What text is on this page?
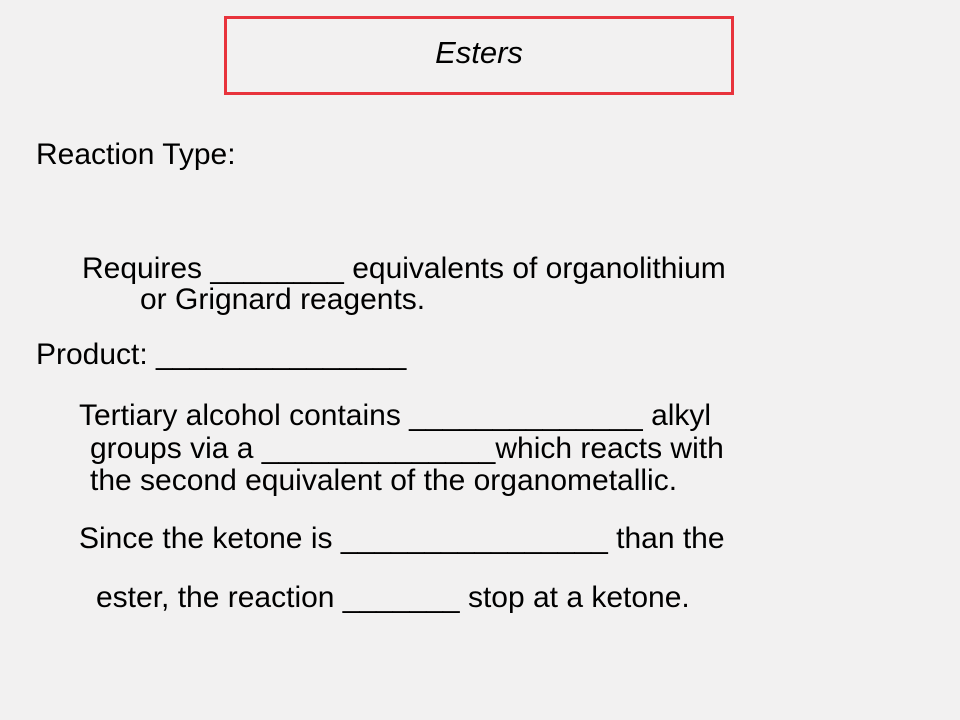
Esters
Reaction Type:
Requires ________ equivalents of organolithium
or Grignard reagents.
Product: _______________
Tertiary alcohol contains ______________ alkyl
groups via a ______________which reacts with
the second equivalent of the organometallic.
Since the ketone is ________________ than the
ester, the reaction _______ stop at a ketone.
